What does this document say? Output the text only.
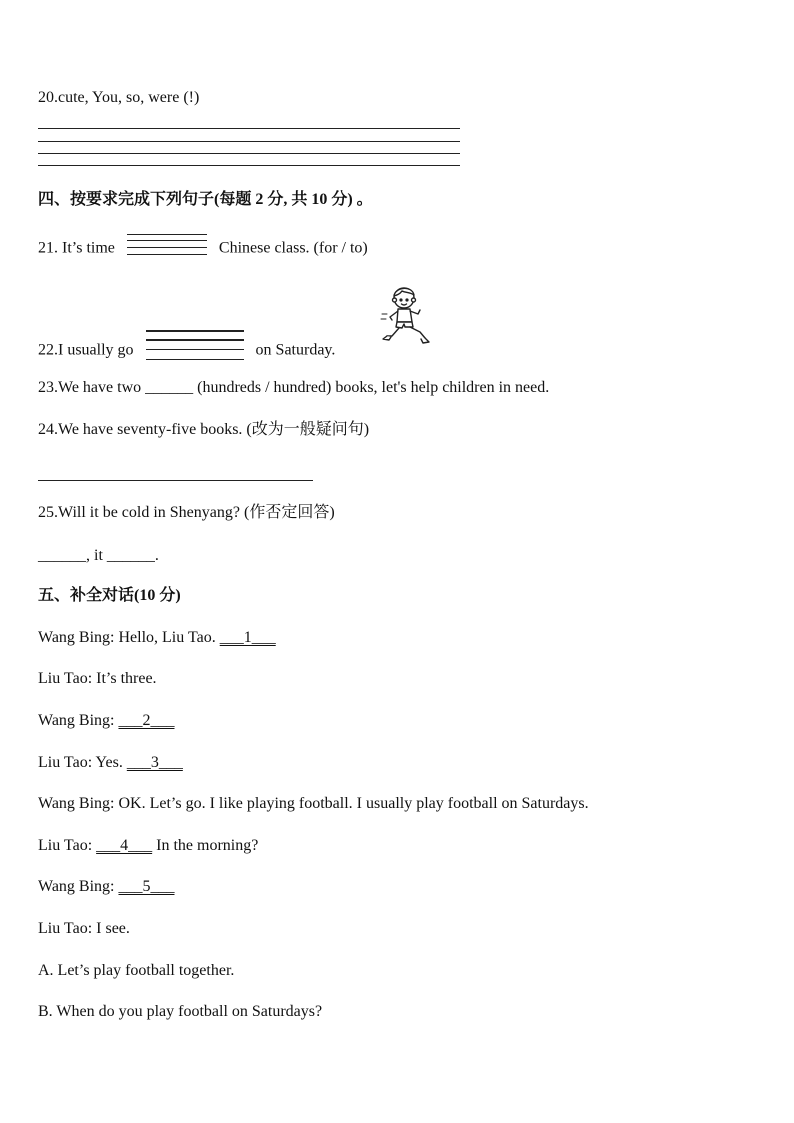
20.cute, You, so, were (!)
四、按要求完成下列句子(每题 2 分, 共 10 分) 。
21. It’s time	Chinese class. (for / to)
22.I usually go	on Saturday.
23.We have two ______ (hundreds / hundred) books, let's help children in need.
24.We have seventy-five books. (改为一般疑问句)
25.Will it be cold in Shenyang? (作否定回答)
______, it ______.
五、补全对话(10 分)
Wang Bing: Hello, Liu Tao. ___1___
Liu Tao: It’s three.
Wang Bing: ___2___
Liu Tao: Yes. ___3___
Wang Bing: OK. Let’s go. I like playing football. I usually play football on Saturdays.
Liu Tao: ___4___ In the morning?
Wang Bing: ___5___
Liu Tao: I see.
A. Let’s play football together.
B. When do you play football on Saturdays?
